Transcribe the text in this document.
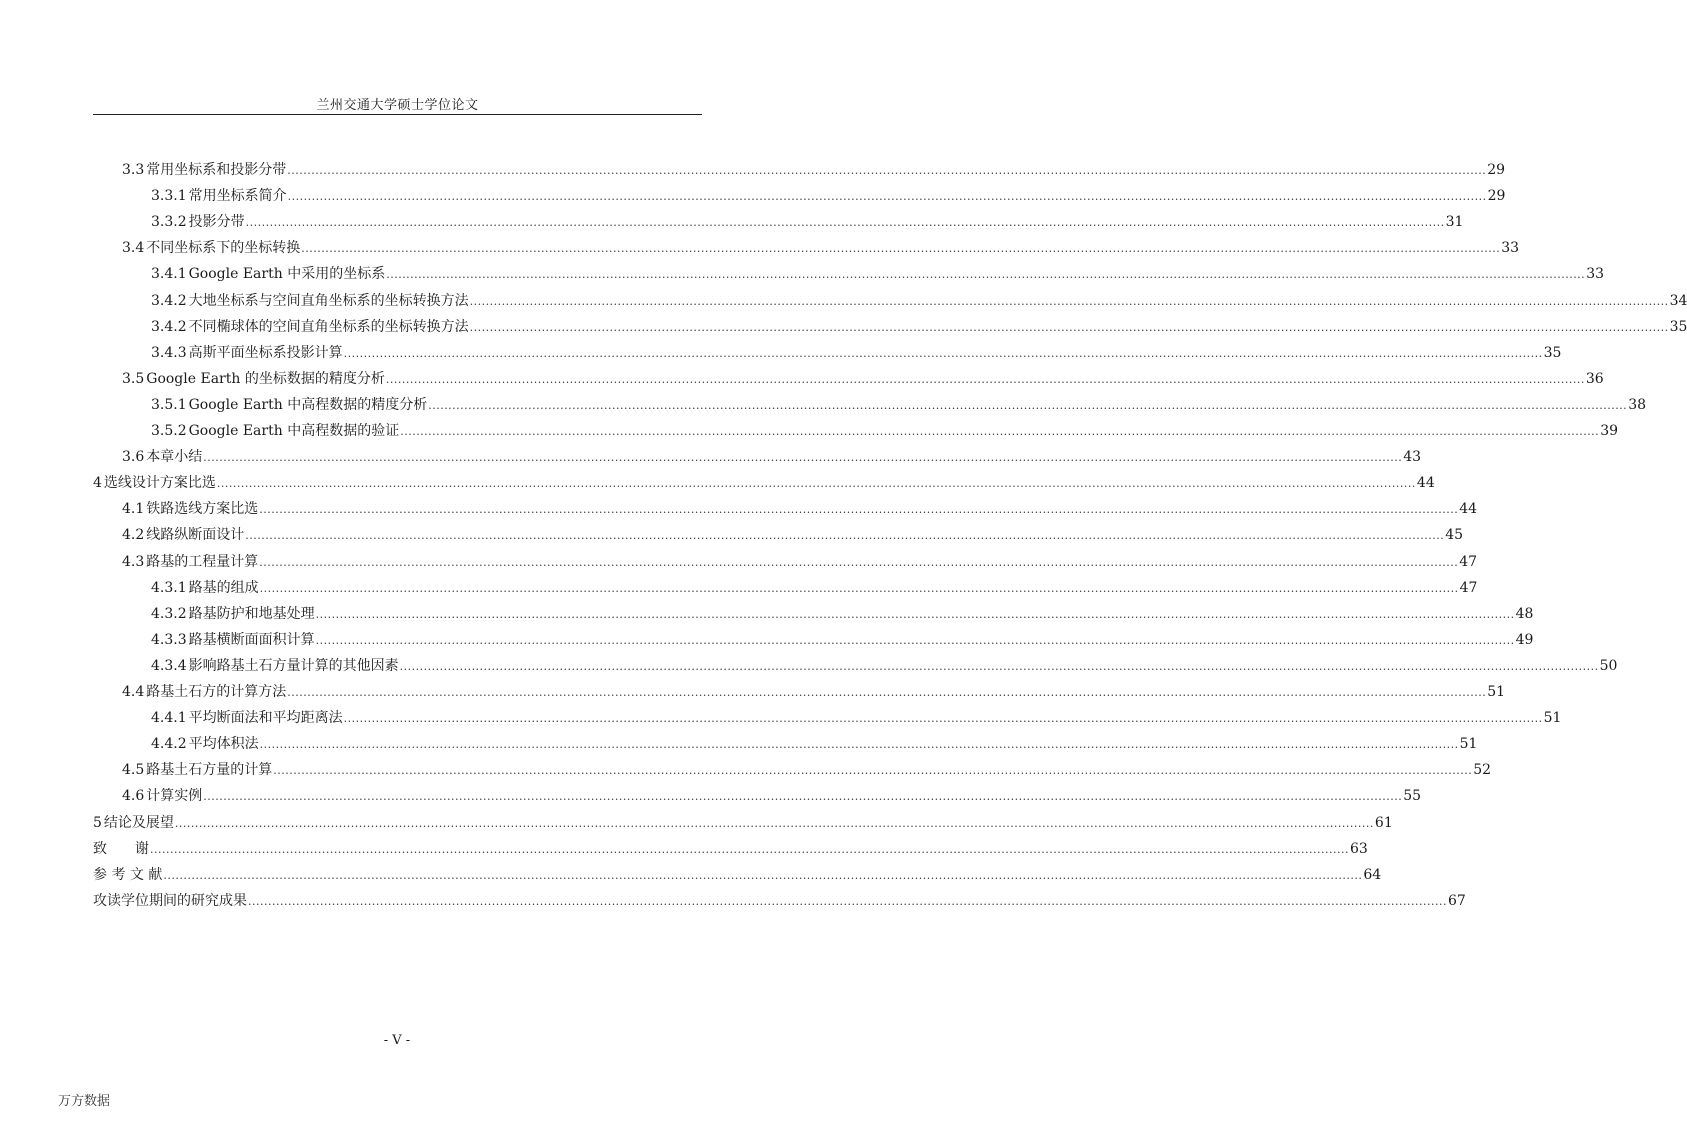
兰州交通大学硕士学位论文
3.3 常用坐标系和投影分带 ............................................................................................................................................................................................................................................................................................................ 29
3.3.1 常用坐标系简介 ............................................................................................................................................................................................................................................................................................................ 29
3.3.2 投影分带 ............................................................................................................................................................................................................................................................................................................ 31
3.4 不同坐标系下的坐标转换 ............................................................................................................................................................................................................................................................................................................ 33
3.4.1 Google Earth 中采用的坐标系 ............................................................................................................................................................................................................................................................................................................ 33
3.4.2 大地坐标系与空间直角坐标系的坐标转换方法 ............................................................................................................................................................................................................................................................................................................ 34
3.4.2 不同椭球体的空间直角坐标系的坐标转换方法 ............................................................................................................................................................................................................................................................................................................ 35
3.4.3 高斯平面坐标系投影计算 ............................................................................................................................................................................................................................................................................................................ 35
3.5 Google Earth 的坐标数据的精度分析 ............................................................................................................................................................................................................................................................................................................ 36
3.5.1 Google Earth 中高程数据的精度分析 ............................................................................................................................................................................................................................................................................................................ 38
3.5.2 Google Earth 中高程数据的验证 ............................................................................................................................................................................................................................................................................................................ 39
3.6 本章小结 ............................................................................................................................................................................................................................................................................................................ 43
4 选线设计方案比选 ............................................................................................................................................................................................................................................................................................................ 44
4.1 铁路选线方案比选 ............................................................................................................................................................................................................................................................................................................ 44
4.2 线路纵断面设计 ............................................................................................................................................................................................................................................................................................................ 45
4.3 路基的工程量计算 ............................................................................................................................................................................................................................................................................................................ 47
4.3.1 路基的组成 ............................................................................................................................................................................................................................................................................................................ 47
4.3.2 路基防护和地基处理 ............................................................................................................................................................................................................................................................................................................ 48
4.3.3 路基横断面面积计算 ............................................................................................................................................................................................................................................................................................................ 49
4.3.4 影响路基土石方量计算的其他因素 ............................................................................................................................................................................................................................................................................................................ 50
4.4 路基土石方的计算方法 ............................................................................................................................................................................................................................................................................................................ 51
4.4.1 平均断面法和平均距离法 ............................................................................................................................................................................................................................................................................................................ 51
4.4.2 平均体积法 ............................................................................................................................................................................................................................................................................................................ 51
4.5 路基土石方量的计算 ............................................................................................................................................................................................................................................................................................................ 52
4.6 计算实例 ............................................................................................................................................................................................................................................................................................................ 55
5 结论及展望 ............................................................................................................................................................................................................................................................................................................ 61
致　　谢 ............................................................................................................................................................................................................................................................................................................ 63
参 考 文 献 ............................................................................................................................................................................................................................................................................................................ 64
攻读学位期间的研究成果 ............................................................................................................................................................................................................................................................................................................ 67
- V -
万方数据
